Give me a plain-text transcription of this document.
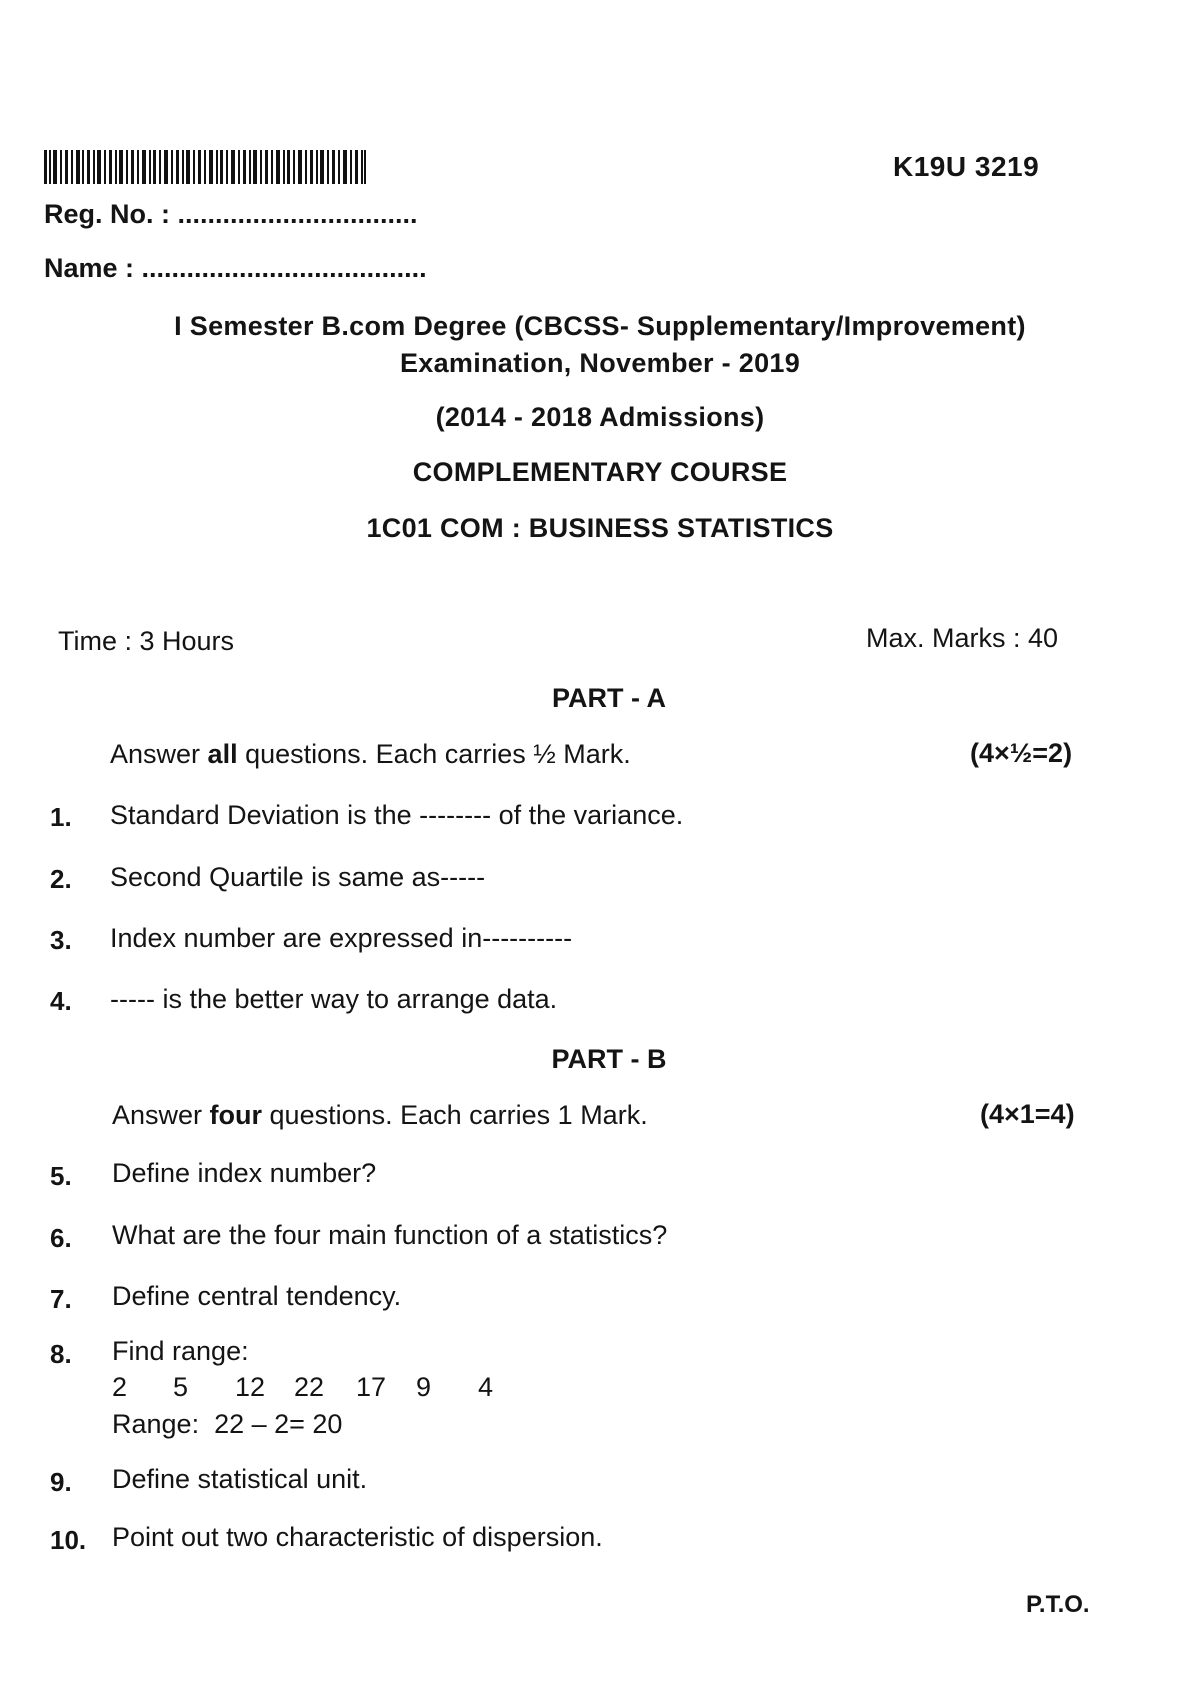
K19U 3219
Reg. No. : ................................
Name : ......................................
I Semester B.com Degree (CBCSS- Supplementary/Improvement)
Examination, November - 2019
(2014 - 2018 Admissions)
COMPLEMENTARY COURSE
1C01 COM : BUSINESS STATISTICS
Time : 3 Hours	Max. Marks : 40
PART - A
Answer all questions. Each carries ½ Mark.	(4×½=2)
1. Standard Deviation is the -------- of the variance.
2. Second Quartile is same as-----
3. Index number are expressed in----------
4. ----- is the better way to arrange data.
PART - B
Answer four questions. Each carries 1 Mark.	(4×1=4)
5. Define index number?
6. What are the four main function of a statistics?
7. Define central tendency.
8. Find range:
2 5 12 22 17 9 4
Range:  22 – 2= 20
9. Define statistical unit.
10. Point out two characteristic of dispersion.
P.T.O.
